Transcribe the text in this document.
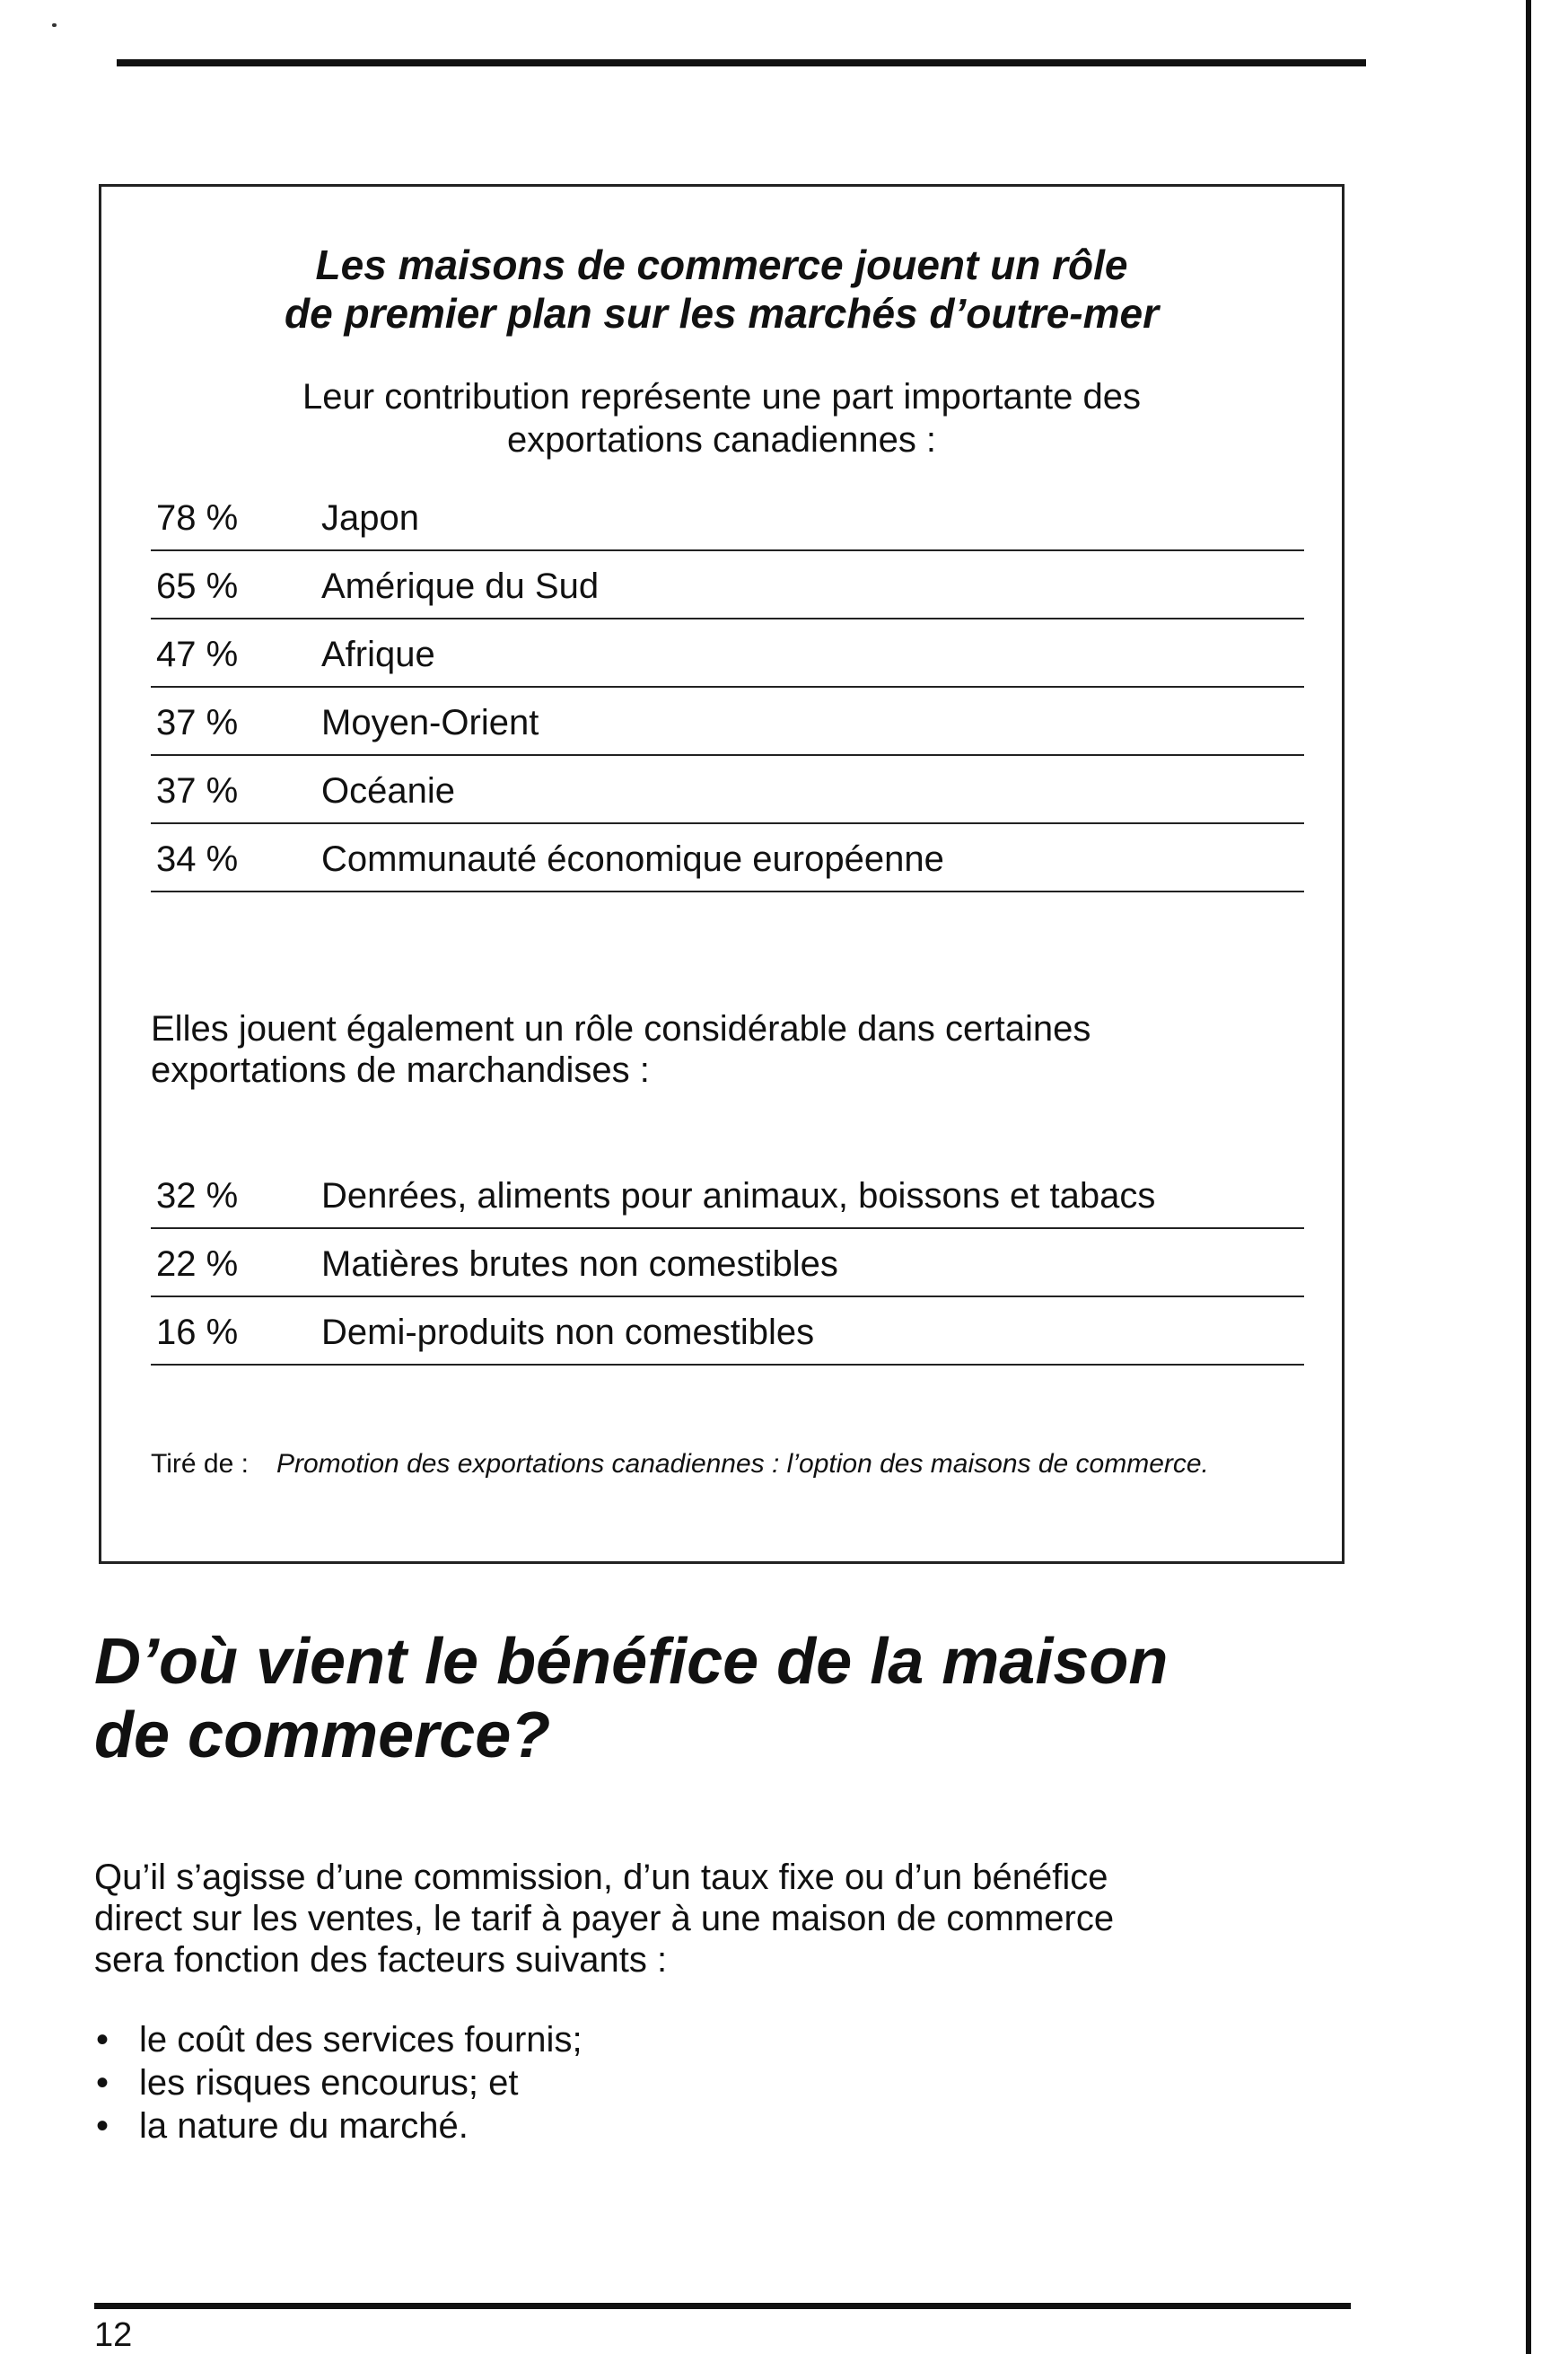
Les maisons de commerce jouent un rôle
de premier plan sur les marchés d’outre-mer

Leur contribution représente une part importante des
exportations canadiennes :

78 % Japon
65 % Amérique du Sud
47 % Afrique
37 % Moyen-Orient
37 % Océanie
34 % Communauté économique européenne

Elles jouent également un rôle considérable dans certaines
exportations de marchandises :

32 % Denrées, aliments pour animaux, boissons et tabacs
22 % Matières brutes non comestibles
16 % Demi-produits non comestibles
Tiré de : Promotion des exportations canadiennes : l’option des maisons de commerce.
D’où vient le bénéfice de la maison
de commerce?

Qu’il s’agisse d’une commission, d’un taux fixe ou d’un bénéfice
direct sur les ventes, le tarif à payer à une maison de commerce
sera fonction des facteurs suivants :

• le coût des services fournis;
• les risques encourus; et
• la nature du marché.
12
